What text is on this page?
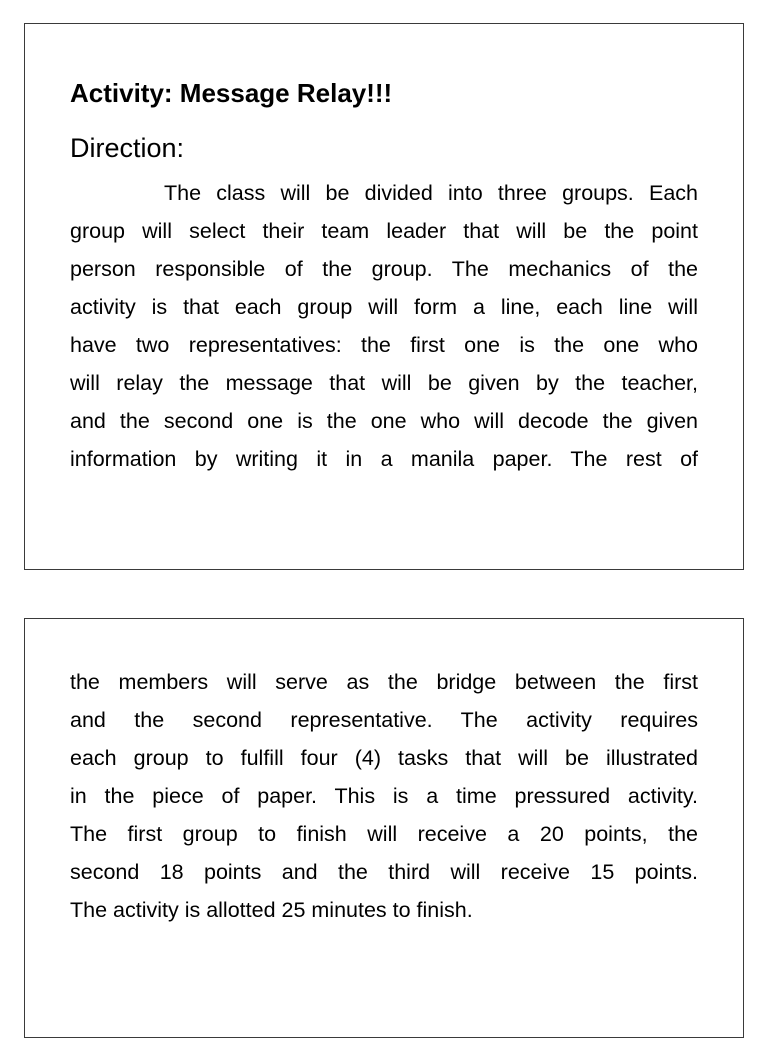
Activity: Message Relay!!!
Direction:
The class will be divided into three groups. Each
group will select their team leader that will be the point
person responsible of the group. The mechanics of the
activity is that each group will form a line, each line will
have two representatives: the first one is the one who
will relay the message that will be given by the teacher,
and the second one is the one who will decode the given
information by writing it in a manila paper. The rest of
the members will serve as the bridge between the first
and the second representative. The activity requires
each group to fulfill four (4) tasks that will be illustrated
in the piece of paper. This is a time pressured activity.
The first group to finish will receive a 20 points, the
second 18 points and the third will receive 15 points.
The activity is allotted 25 minutes to finish.
